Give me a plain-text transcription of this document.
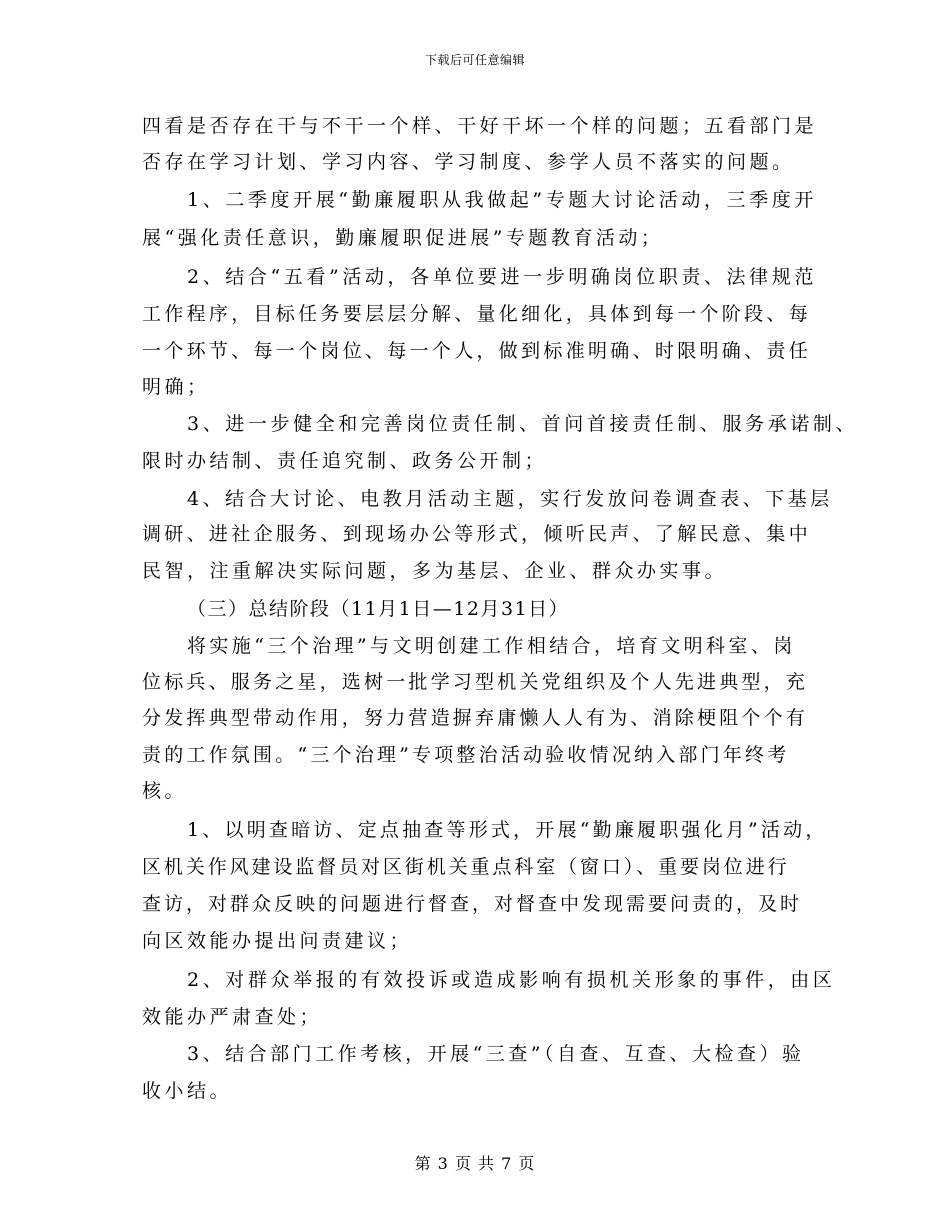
下载后可任意编辑
四看是否存在干与不干一个样、干好干坏一个样的问题；五看部门是
否存在学习计划、学习内容、学习制度、参学人员不落实的问题。
1、二季度开展“勤廉履职从我做起”专题大讨论活动，三季度开
展“强化责任意识，勤廉履职促进展”专题教育活动；
2、结合“五看”活动，各单位要进一步明确岗位职责、法律规范
工作程序，目标任务要层层分解、量化细化，具体到每一个阶段、每
一个环节、每一个岗位、每一个人，做到标准明确、时限明确、责任
明确；
3、进一步健全和完善岗位责任制、首问首接责任制、服务承诺制、
限时办结制、责任追究制、政务公开制；
4、结合大讨论、电教月活动主题，实行发放问卷调查表、下基层
调研、进社企服务、到现场办公等形式，倾听民声、了解民意、集中
民智，注重解决实际问题，多为基层、企业、群众办实事。
（三）总结阶段（11月1日—12月31日）
将实施“三个治理”与文明创建工作相结合，培育文明科室、岗
位标兵、服务之星，选树一批学习型机关党组织及个人先进典型，充
分发挥典型带动作用，努力营造摒弃庸懒人人有为、消除梗阻个个有
责的工作氛围。“三个治理”专项整治活动验收情况纳入部门年终考
核。
1、以明查暗访、定点抽查等形式，开展“勤廉履职强化月”活动，
区机关作风建设监督员对区街机关重点科室（窗口）、重要岗位进行
查访，对群众反映的问题进行督查，对督查中发现需要问责的，及时
向区效能办提出问责建议；
2、对群众举报的有效投诉或造成影响有损机关形象的事件，由区
效能办严肃查处；
3、结合部门工作考核，开展“三查”（自查、互查、大检查）验
收小结。
第 3 页 共 7 页
